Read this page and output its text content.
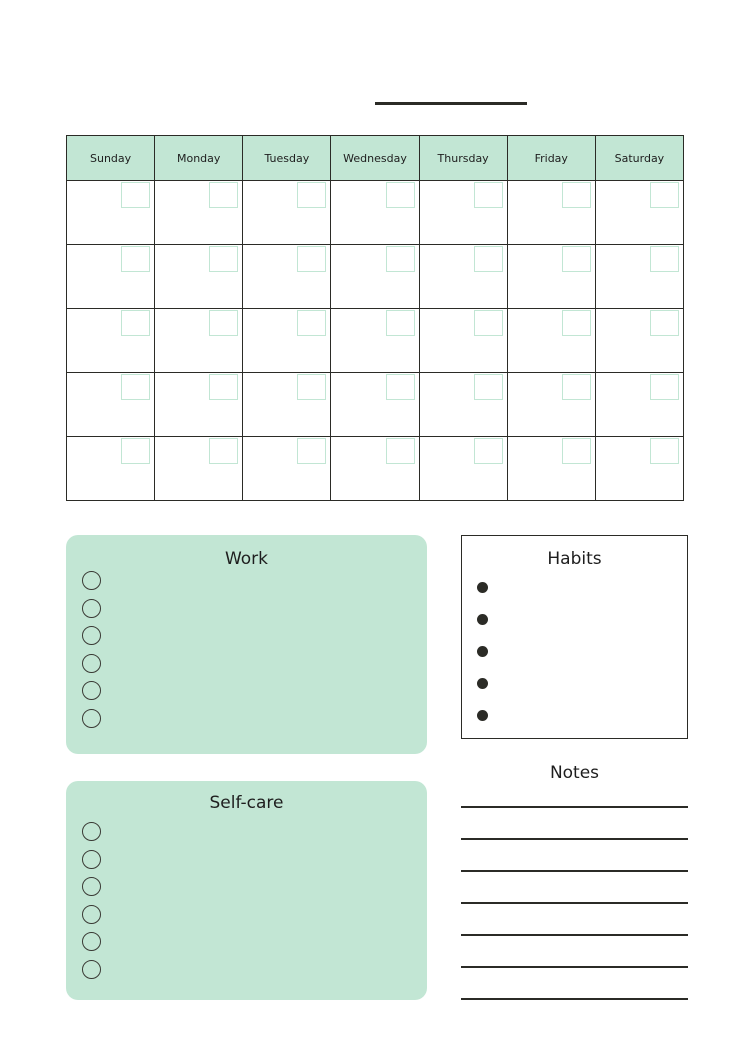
Sunday	Monday	Tuesday	Wednesday	Thursday	Friday	Saturday

Work
Self-care
Habits
Notes
